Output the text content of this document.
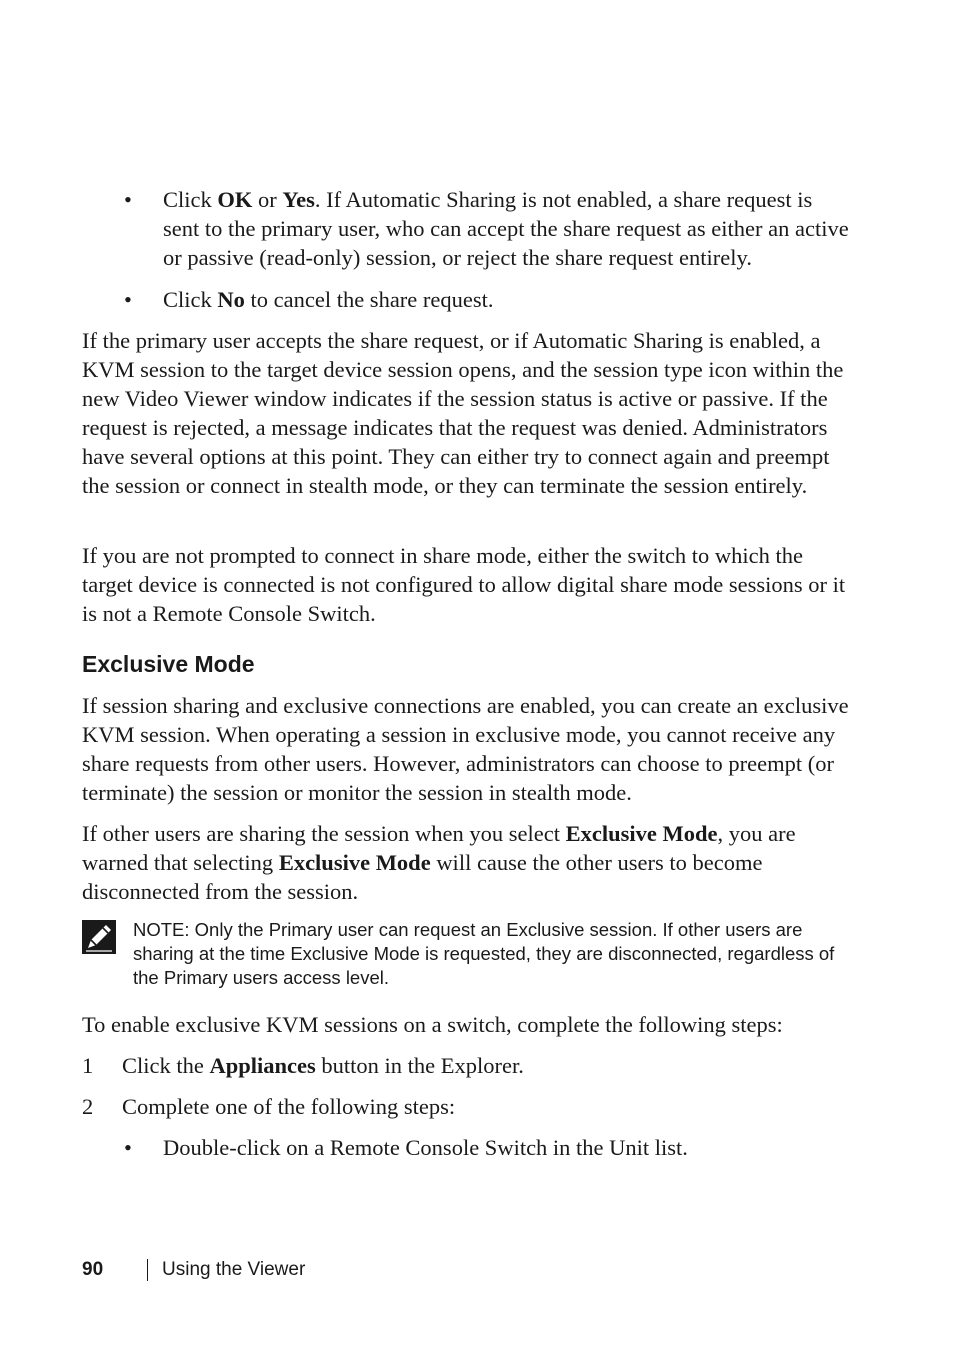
• Click OK or Yes. If Automatic Sharing is not enabled, a share request is sent to the primary user, who can accept the share request as either an active or passive (read-only) session, or reject the share request entirely.
• Click No to cancel the share request.

If the primary user accepts the share request, or if Automatic Sharing is enabled, a KVM session to the target device session opens, and the session type icon within the new Video Viewer window indicates if the session status is active or passive. If the request is rejected, a message indicates that the request was denied. Administrators have several options at this point. They can either try to connect again and preempt the session or connect in stealth mode, or they can terminate the session entirely.

If you are not prompted to connect in share mode, either the switch to which the target device is connected is not configured to allow digital share mode sessions or it is not a Remote Console Switch.

Exclusive Mode

If session sharing and exclusive connections are enabled, you can create an exclusive KVM session. When operating a session in exclusive mode, you cannot receive any share requests from other users. However, administrators can choose to preempt (or terminate) the session or monitor the session in stealth mode.

If other users are sharing the session when you select Exclusive Mode, you are warned that selecting Exclusive Mode will cause the other users to become disconnected from the session.

NOTE: Only the Primary user can request an Exclusive session. If other users are sharing at the time Exclusive Mode is requested, they are disconnected, regardless of the Primary users access level.

To enable exclusive KVM sessions on a switch, complete the following steps:

1 Click the Appliances button in the Explorer.
2 Complete one of the following steps:
• Double-click on a Remote Console Switch in the Unit list.
90	Using the Viewer
